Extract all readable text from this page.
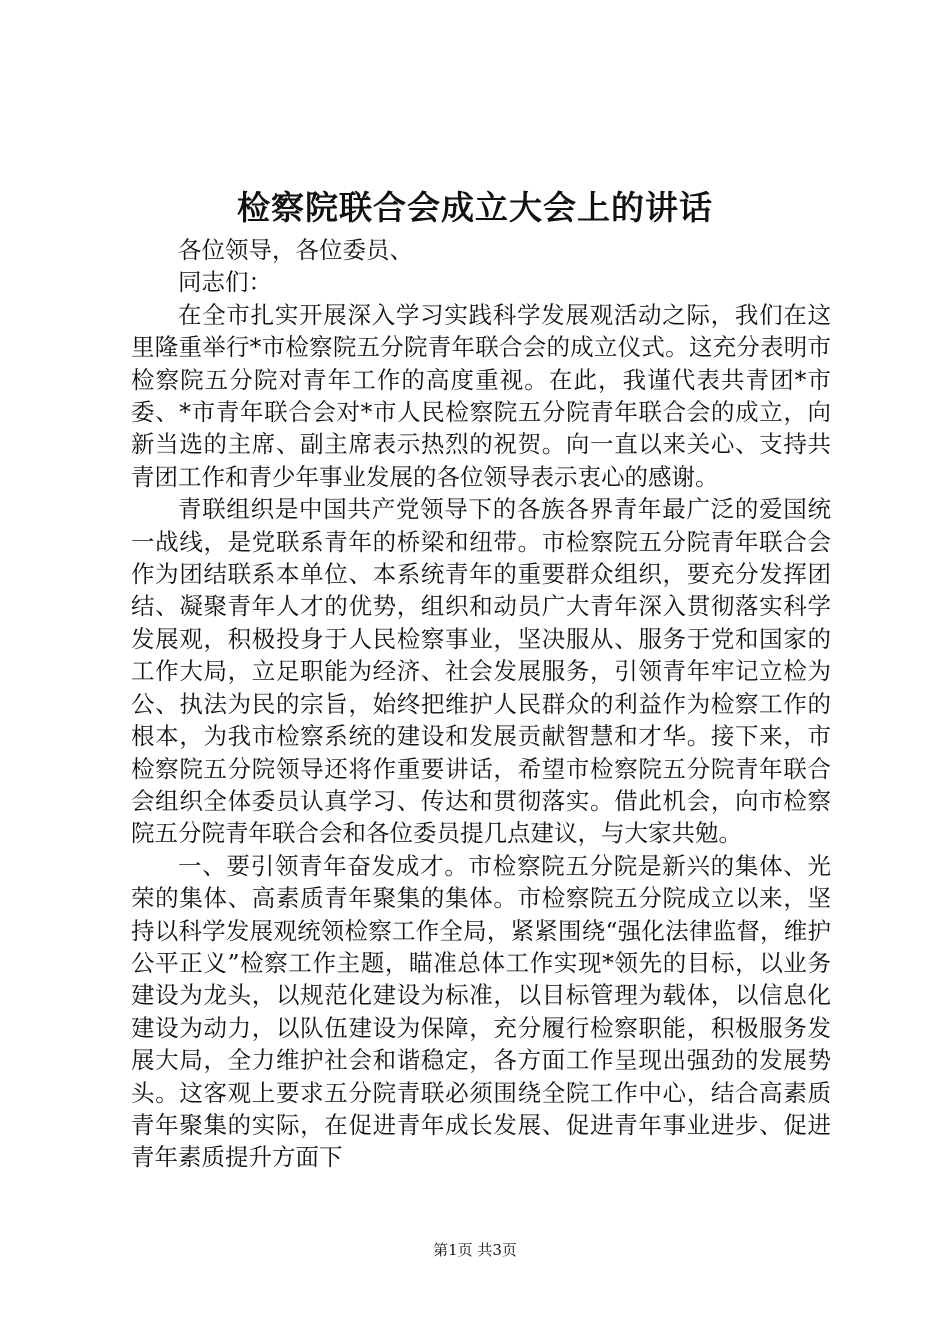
检察院联合会成立大会上的讲话

各位领导，各位委员、

同志们：

在全市扎实开展深入学习实践科学发展观活动之际，我们在这里隆重举行*市检察院五分院青年联合会的成立仪式。这充分表明市检察院五分院对青年工作的高度重视。在此，我谨代表共青团*市委、*市青年联合会对*市人民检察院五分院青年联合会的成立，向新当选的主席、副主席表示热烈的祝贺。向一直以来关心、支持共青团工作和青少年事业发展的各位领导表示衷心的感谢。

青联组织是中国共产党领导下的各族各界青年最广泛的爱国统一战线，是党联系青年的桥梁和纽带。市检察院五分院青年联合会作为团结联系本单位、本系统青年的重要群众组织，要充分发挥团结、凝聚青年人才的优势，组织和动员广大青年深入贯彻落实科学发展观，积极投身于人民检察事业，坚决服从、服务于党和国家的工作大局，立足职能为经济、社会发展服务，引领青年牢记立检为公、执法为民的宗旨，始终把维护人民群众的利益作为检察工作的根本，为我市检察系统的建设和发展贡献智慧和才华。接下来，市检察院五分院领导还将作重要讲话，希望市检察院五分院青年联合会组织全体委员认真学习、传达和贯彻落实。借此机会，向市检察院五分院青年联合会和各位委员提几点建议，与大家共勉。

一、要引领青年奋发成才。市检察院五分院是新兴的集体、光荣的集体、高素质青年聚集的集体。市检察院五分院成立以来，坚持以科学发展观统领检察工作全局，紧紧围绕“强化法律监督，维护公平正义”检察工作主题，瞄准总体工作实现*领先的目标，以业务建设为龙头，以规范化建设为标准，以目标管理为载体，以信息化建设为动力，以队伍建设为保障，充分履行检察职能，积极服务发展大局，全力维护社会和谐稳定，各方面工作呈现出强劲的发展势头。这客观上要求五分院青联必须围绕全院工作中心，结合高素质青年聚集的实际，在促进青年成长发展、促进青年事业进步、促进青年素质提升方面下

第1页 共3页
